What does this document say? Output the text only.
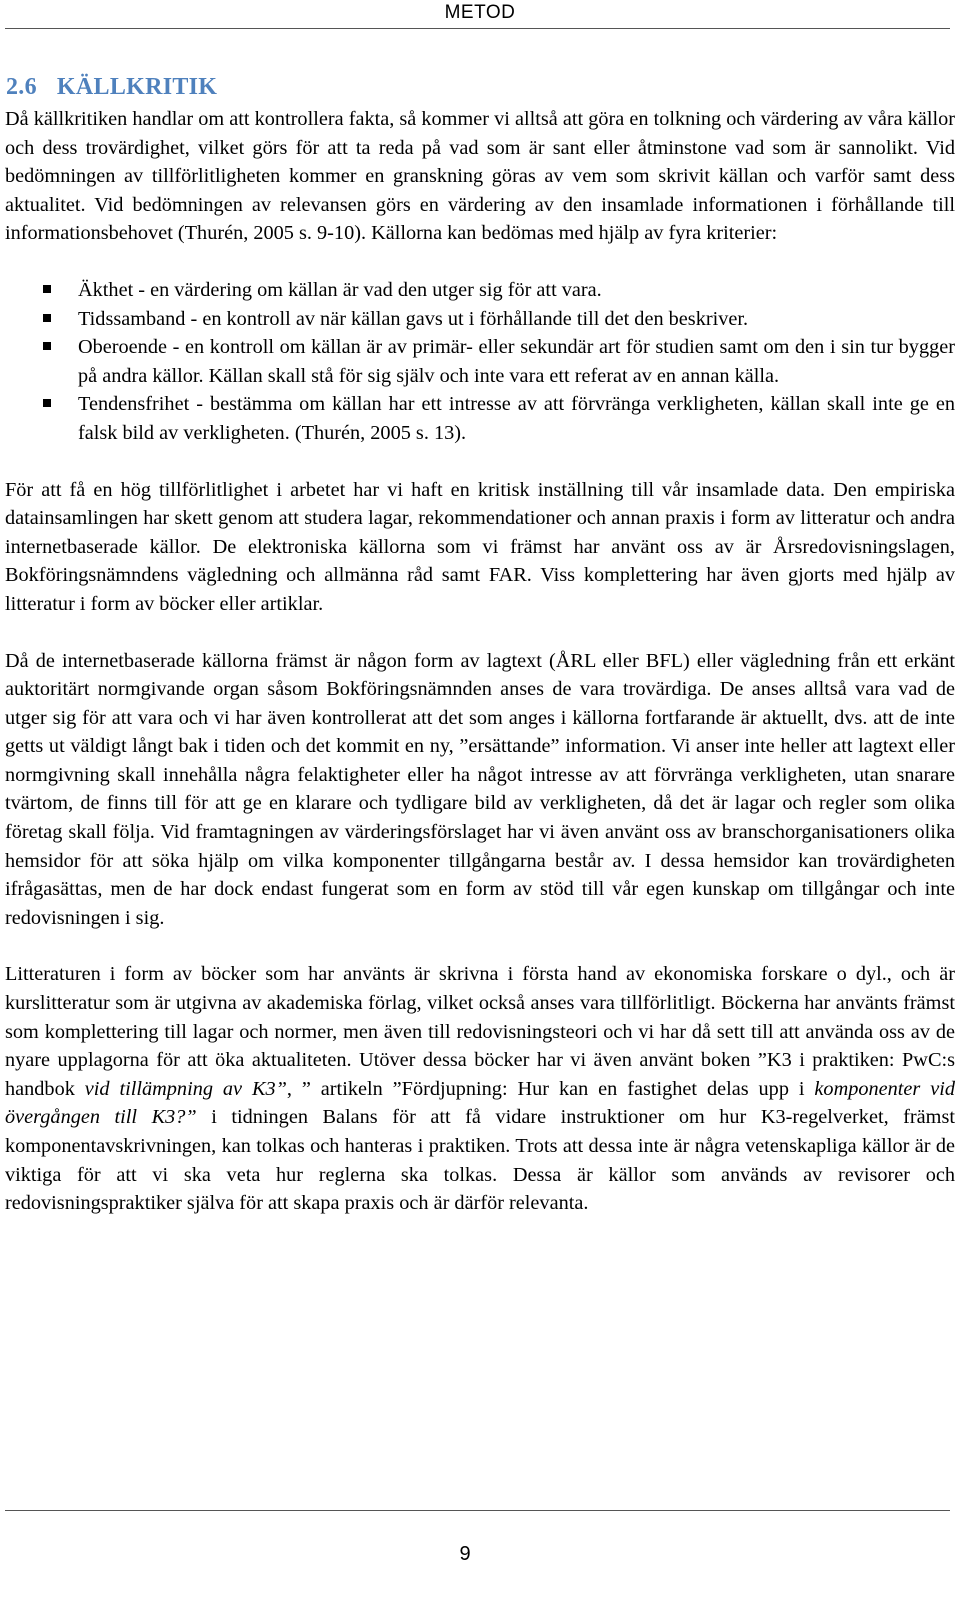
METOD
2.6 KÄLLKRITIK

Då källkritiken handlar om att kontrollera fakta, så kommer vi alltså att göra en tolkning och värdering av våra källor och dess trovärdighet, vilket görs för att ta reda på vad som är sant eller åtminstone vad som är sannolikt. Vid bedömningen av tillförlitligheten kommer en granskning göras av vem som skrivit källan och varför samt dess aktualitet. Vid bedömningen av relevansen görs en värdering av den insamlade informationen i förhållande till informationsbehovet (Thurén, 2005 s. 9-10). Källorna kan bedömas med hjälp av fyra kriterier:

Äkthet - en värdering om källan är vad den utger sig för att vara.
Tidssamband - en kontroll av när källan gavs ut i förhållande till det den beskriver.
Oberoende - en kontroll om källan är av primär- eller sekundär art för studien samt om den i sin tur bygger på andra källor. Källan skall stå för sig själv och inte vara ett referat av en annan källa.
Tendensfrihet - bestämma om källan har ett intresse av att förvränga verkligheten, källan skall inte ge en falsk bild av verkligheten. (Thurén, 2005 s. 13).

För att få en hög tillförlitlighet i arbetet har vi haft en kritisk inställning till vår insamlade data. Den empiriska datainsamlingen har skett genom att studera lagar, rekommendationer och annan praxis i form av litteratur och andra internetbaserade källor. De elektroniska källorna som vi främst har använt oss av är Årsredovisningslagen, Bokföringsnämndens vägledning och allmänna råd samt FAR. Viss komplettering har även gjorts med hjälp av litteratur i form av böcker eller artiklar.

Då de internetbaserade källorna främst är någon form av lagtext (ÅRL eller BFL) eller vägledning från ett erkänt auktoritärt normgivande organ såsom Bokföringsnämnden anses de vara trovärdiga. De anses alltså vara vad de utger sig för att vara och vi har även kontrollerat att det som anges i källorna fortfarande är aktuellt, dvs. att de inte getts ut väldigt långt bak i tiden och det kommit en ny, ”ersättande” information. Vi anser inte heller att lagtext eller normgivning skall innehålla några felaktigheter eller ha något intresse av att förvränga verkligheten, utan snarare tvärtom, de finns till för att ge en klarare och tydligare bild av verkligheten, då det är lagar och regler som olika företag skall följa. Vid framtagningen av värderingsförslaget har vi även använt oss av branschorganisationers olika hemsidor för att söka hjälp om vilka komponenter tillgångarna består av. I dessa hemsidor kan trovärdigheten ifrågasättas, men de har dock endast fungerat som en form av stöd till vår egen kunskap om tillgångar och inte redovisningen i sig.

Litteraturen i form av böcker som har använts är skrivna i första hand av ekonomiska forskare o dyl., och är kurslitteratur som är utgivna av akademiska förlag, vilket också anses vara tillförlitligt. Böckerna har använts främst som komplettering till lagar och normer, men även till redovisningsteori och vi har då sett till att använda oss av de nyare upplagorna för att öka aktualiteten. Utöver dessa böcker har vi även använt boken ”K3 i praktiken: PwC:s handbok vid tillämpning av K3”, ” artikeln ”Fördjupning: Hur kan en fastighet delas upp i komponenter vid övergången till K3?” i tidningen Balans för att få vidare instruktioner om hur K3-regelverket, främst komponentavskrivningen, kan tolkas och hanteras i praktiken. Trots att dessa inte är några vetenskapliga källor är de viktiga för att vi ska veta hur reglerna ska tolkas. Dessa är källor som används av revisorer och redovisningspraktiker själva för att skapa praxis och är därför relevanta.

9
